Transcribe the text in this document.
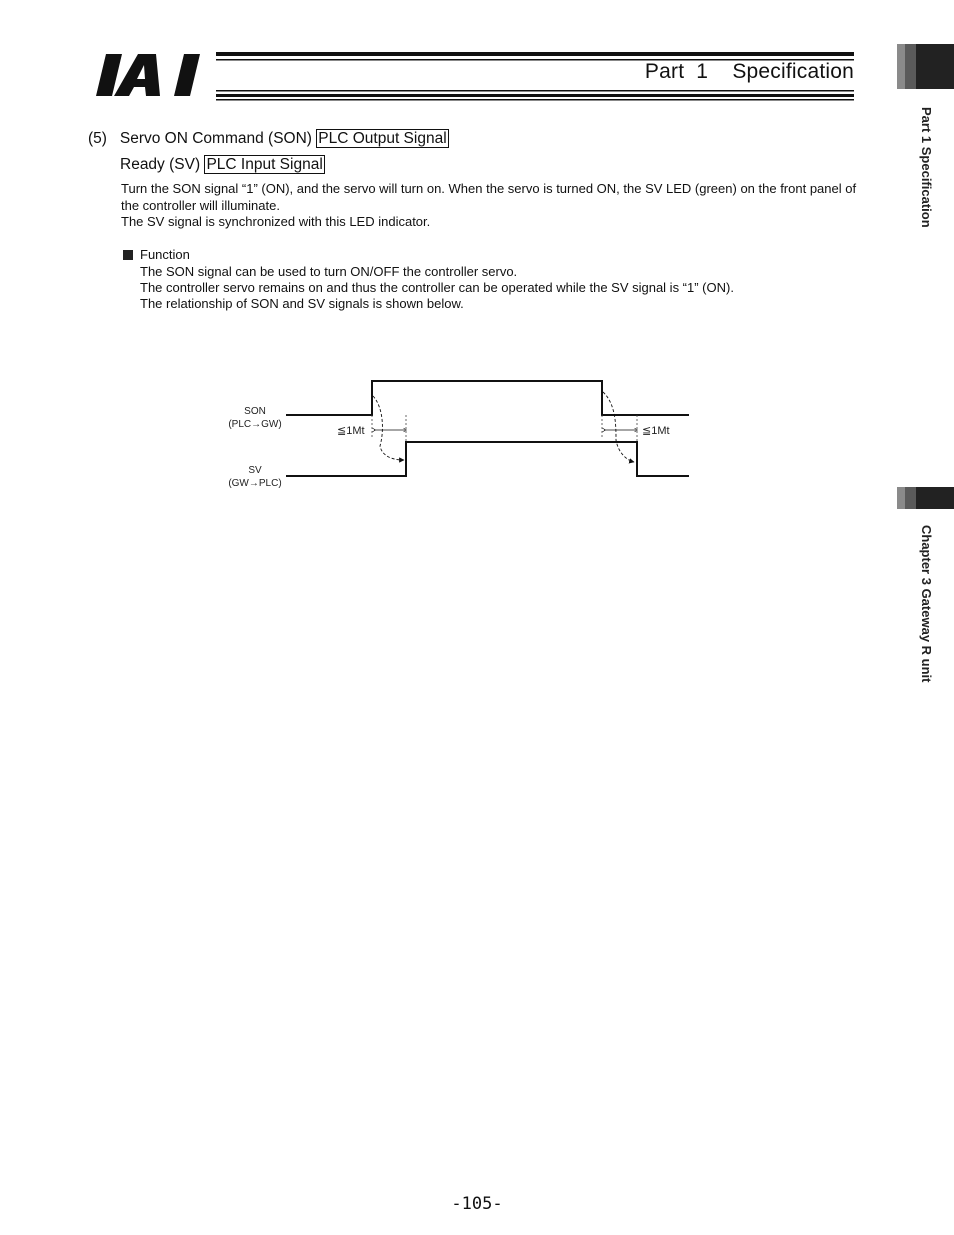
Part  1    Specification
Part 1 Specification
Chapter 3 Gateway R unit
(5) Servo ON Command (SON) PLC Output Signal
Ready (SV) PLC Input Signal
Turn the SON signal “1” (ON), and the servo will turn on. When the servo is turned ON, the SV LED (green) on the front panel of the controller will illuminate.
The SV signal is synchronized with this LED indicator.
Function
The SON signal can be used to turn ON/OFF the controller servo.
The controller servo remains on and thus the controller can be operated while the SV signal is “1” (ON).
The relationship of SON and SV signals is shown below.
SON
(PLC→GW)
SV
(GW→PLC)
≦1Mt	≦1Mt
-105-
